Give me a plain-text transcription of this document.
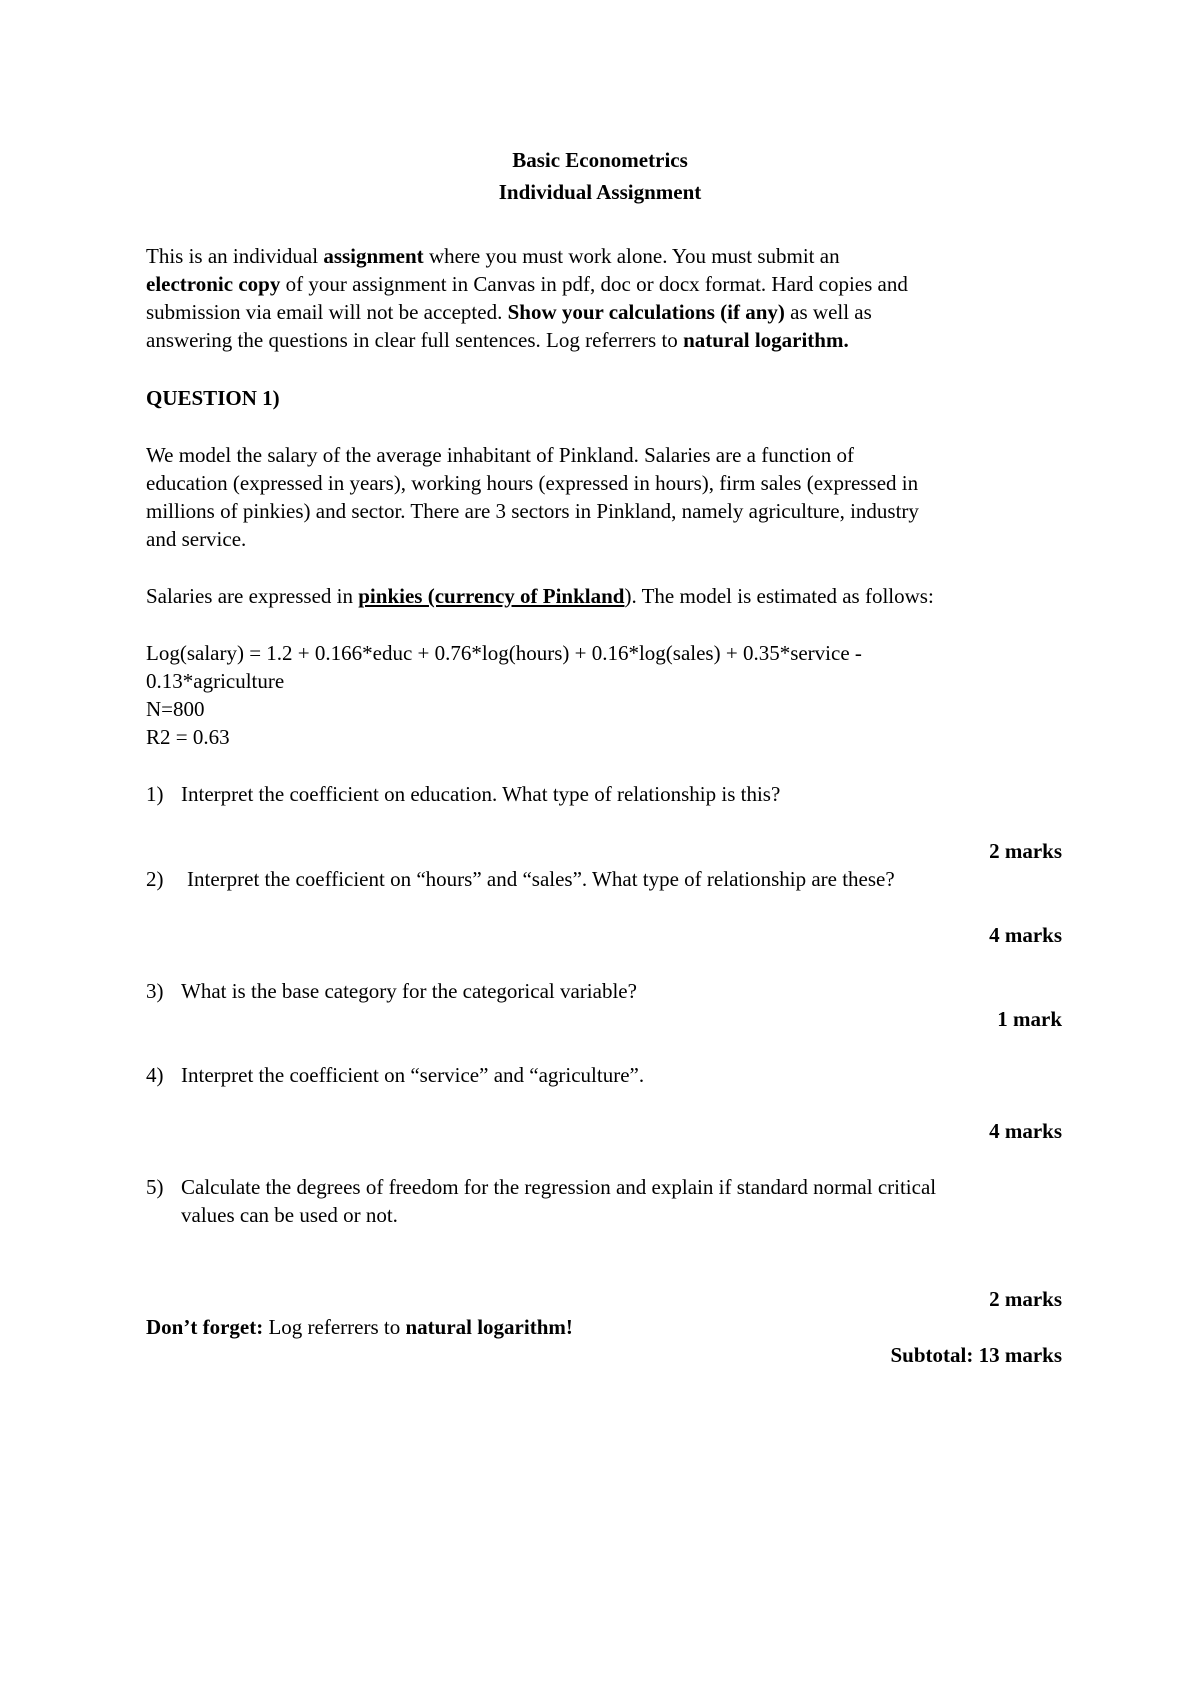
Basic Econometrics
Individual Assignment
This is an individual assignment where you must work alone. You must submit an
electronic copy of your assignment in Canvas in pdf, doc or docx format. Hard copies and
submission via email will not be accepted. Show your calculations (if any) as well as
answering the questions in clear full sentences. Log referrers to natural logarithm.
QUESTION 1)
We model the salary of the average inhabitant of Pinkland. Salaries are a function of
education (expressed in years), working hours (expressed in hours), firm sales (expressed in
millions of pinkies) and sector. There are 3 sectors in Pinkland, namely agriculture, industry
and service.
Salaries are expressed in pinkies (currency of Pinkland). The model is estimated as follows:
Log(salary) = 1.2 + 0.166*educ + 0.76*log(hours) + 0.16*log(sales) + 0.35*service -
0.13*agriculture
N=800
R2 = 0.63
1) Interpret the coefficient on education. What type of relationship is this?
2 marks
2) Interpret the coefficient on “hours” and “sales”. What type of relationship are these?
4 marks
3) What is the base category for the categorical variable?
1 mark
4) Interpret the coefficient on “service” and “agriculture”.
4 marks
5) Calculate the degrees of freedom for the regression and explain if standard normal critical
values can be used or not.
2 marks
Don’t forget: Log referrers to natural logarithm!
Subtotal: 13 marks
